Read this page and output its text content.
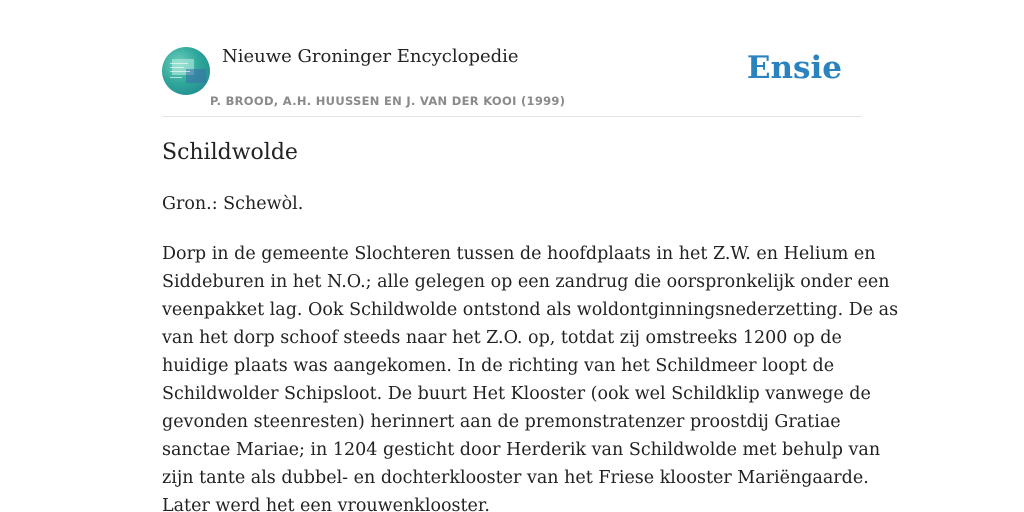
Nieuwe Groninger Encyclopedie
P. BROOD, A.H. HUUSSEN EN J. VAN DER KOOI (1999)
Ensie
Schildwolde

Gron.: Schewòl.

Dorp in de gemeente Slochteren tussen de hoofdplaats in het Z.W. en Helium en
Siddeburen in het N.O.; alle gelegen op een zandrug die oorspronkelijk onder een
veenpakket lag. Ook Schildwolde ontstond als woldontginningsnederzetting. De as
van het dorp schoof steeds naar het Z.O. op, totdat zij omstreeks 1200 op de
huidige plaats was aangekomen. In de richting van het Schildmeer loopt de
Schildwolder Schipsloot. De buurt Het Klooster (ook wel Schildklip vanwege de
gevonden steenresten) herinnert aan de premonstratenzer proostdij Gratiae
sanctae Mariae; in 1204 gesticht door Herderik van Schildwolde met behulp van
zijn tante als dubbel- en dochterklooster van het Friese klooster Mariëngaarde.
Later werd het een vrouwenklooster.
